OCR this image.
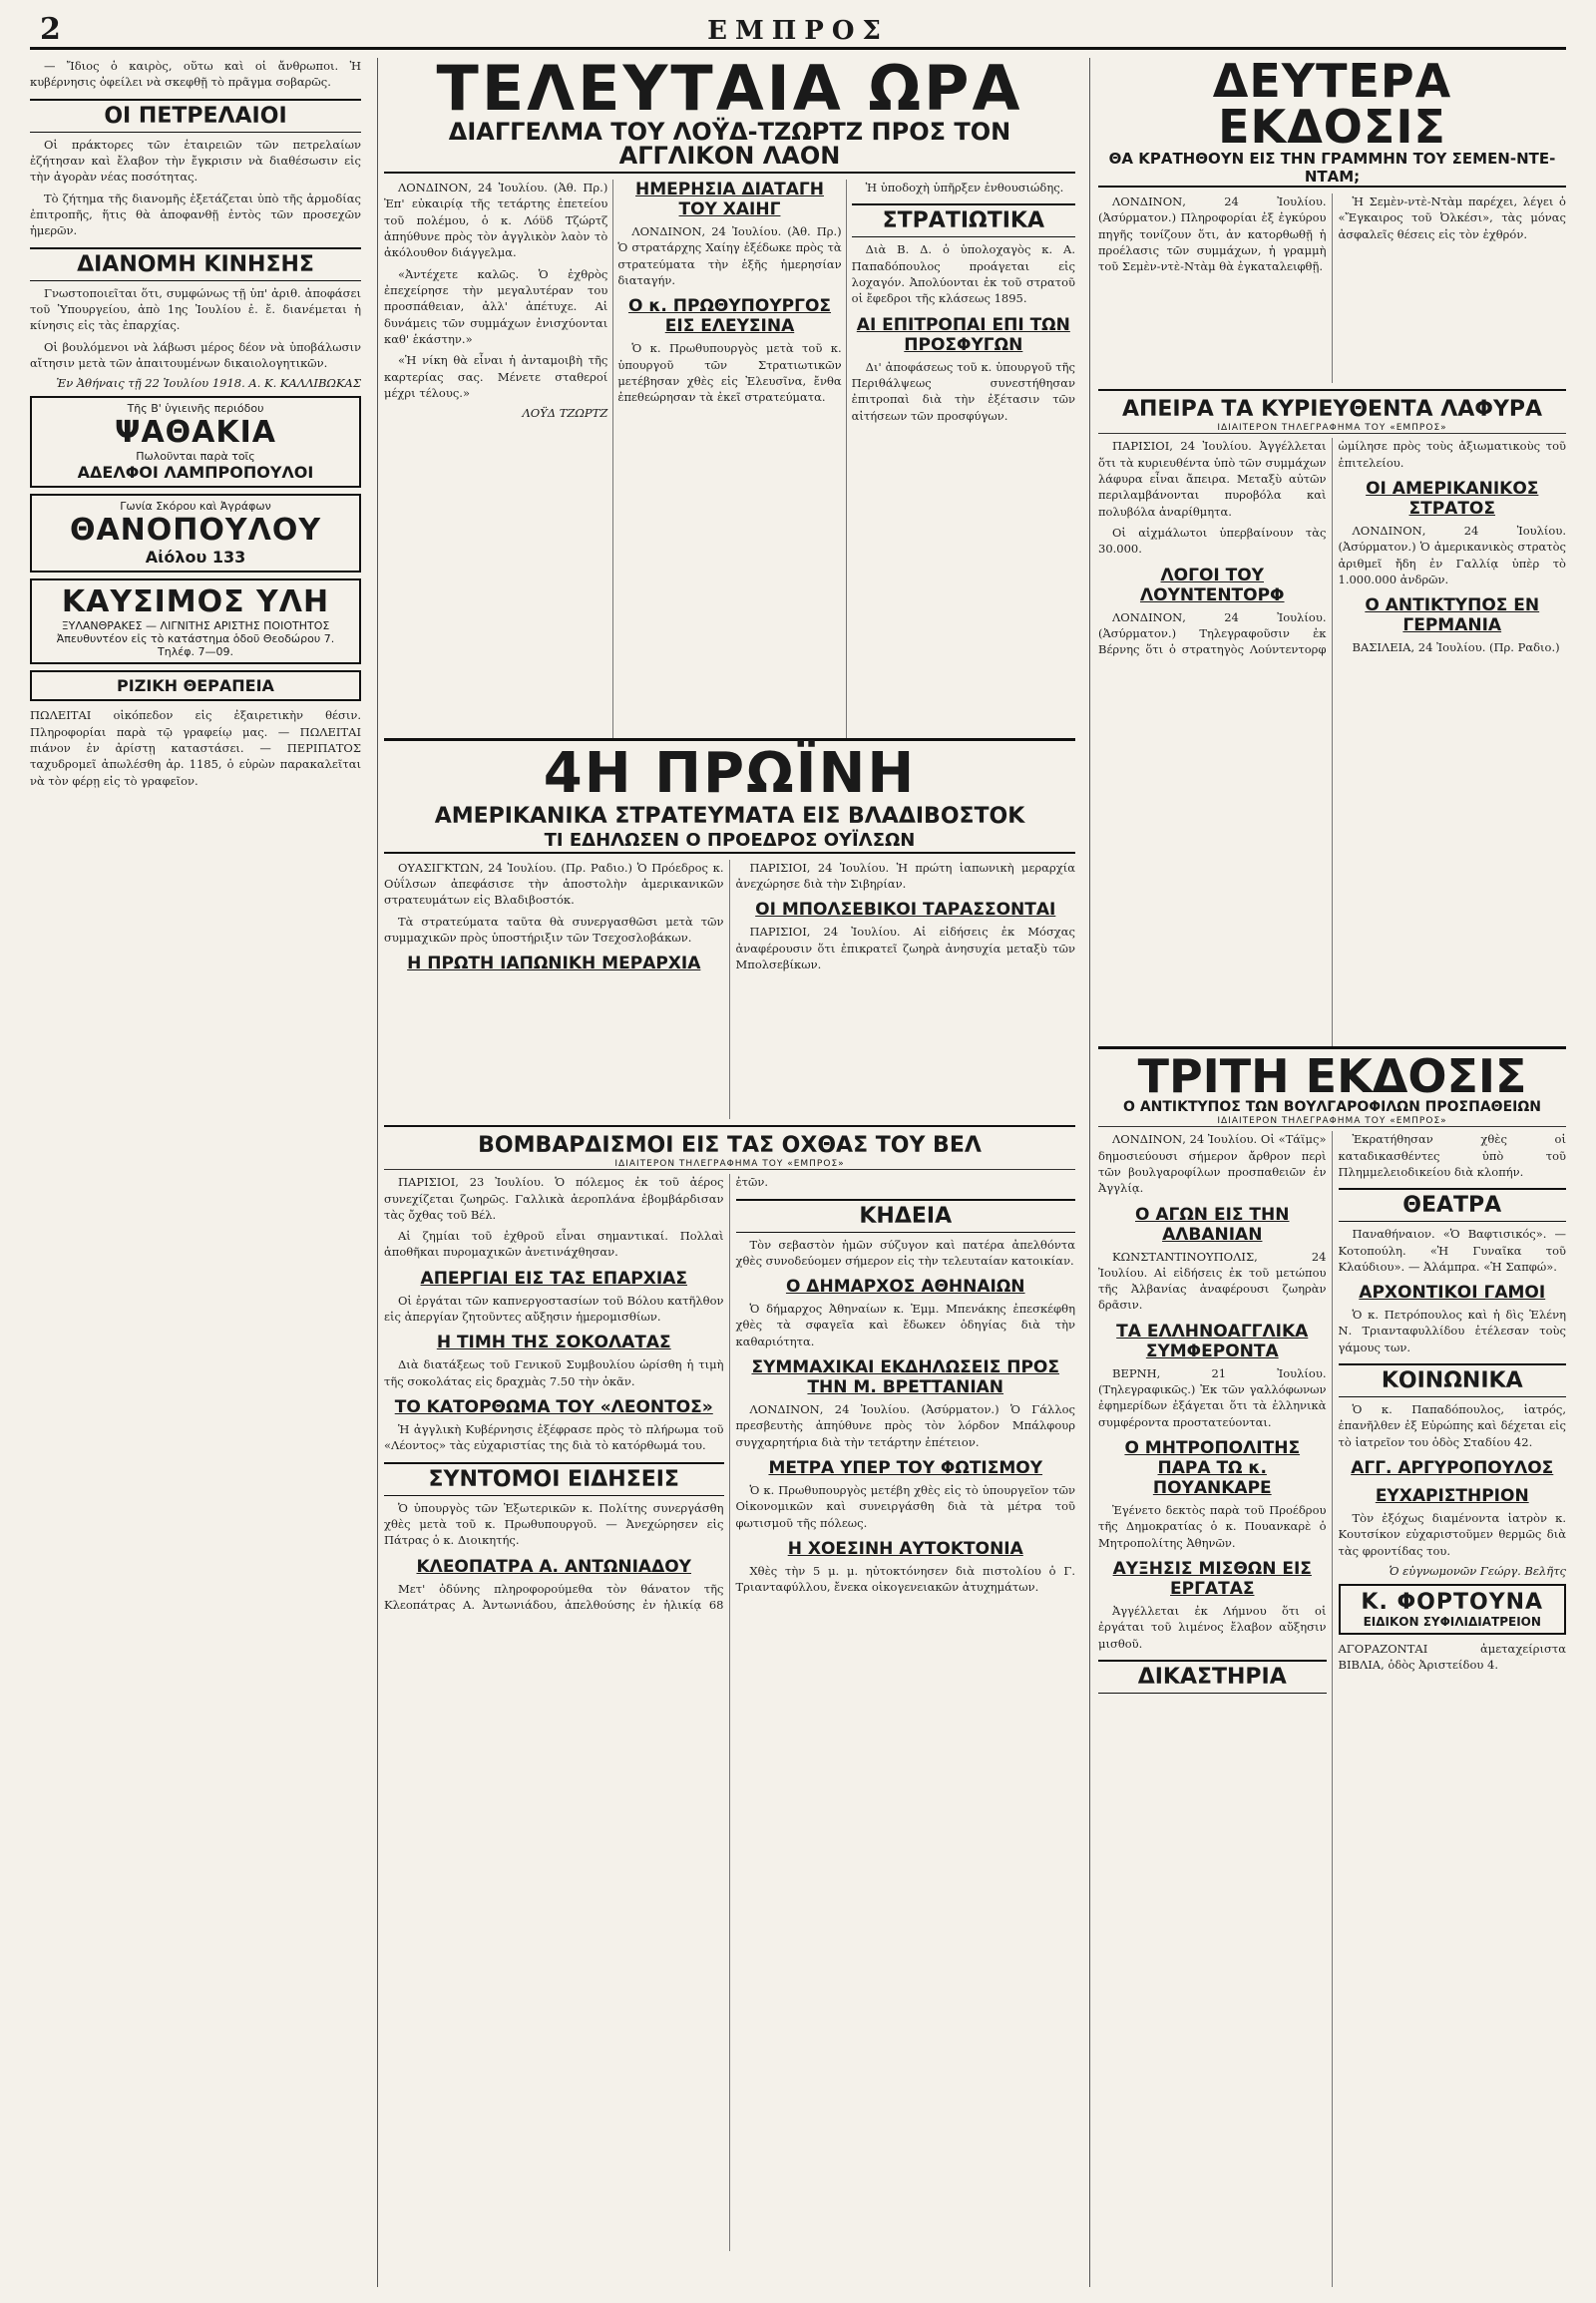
2	ΕΜΠΡΟΣ

— Ἴδιος ὁ καιρὸς, οὕτω καὶ οἱ ἄνθρωποι. Ἡ κυβέρνησις ὀφείλει νὰ σκεφθῇ τὸ πρᾶγμα σοβαρῶς.

ΟΙ ΠΕΤΡΕΛΑΙΟΙ

Οἱ πράκτορες τῶν ἑταιρειῶν τῶν πετρελαίων ἐζήτησαν καὶ ἔλαβον τὴν ἔγκρισιν νὰ διαθέσωσιν εἰς τὴν ἀγορὰν νέας ποσότητας.

Τὸ ζήτημα τῆς διανομῆς ἐξετάζεται ὑπὸ τῆς ἁρμοδίας ἐπιτροπῆς, ἥτις θὰ ἀποφανθῇ ἐντὸς τῶν προσεχῶν ἡμερῶν.

ΔΙΑΝΟΜΗ ΚΙΝΗΣΗΣ

Γνωστοποιεῖται ὅτι, συμφώνως τῇ ὑπ' ἀριθ. ἀποφάσει τοῦ Ὑπουργείου, ἀπὸ 1ης Ἰουλίου ἐ. ἔ. διανέμεται ἡ κίνησις εἰς τὰς ἐπαρχίας.

Οἱ βουλόμενοι νὰ λάβωσι μέρος δέον νὰ ὑποβάλωσιν αἴτησιν μετὰ τῶν ἀπαιτουμένων δικαιολογητικῶν.

Ἐν Ἀθήναις τῇ 22 Ἰουλίου 1918. Α. Κ. ΚΑΛΛΙΒΩΚΑΣ
Τῆς Β' ὑγιεινῆς περιόδου
ΨΑΘΑΚΙΑ
Πωλοῦνται παρὰ τοῖς
ΑΔΕΛΦΟΙ ΛΑΜΠΡΟΠΟΥΛΟΙ
Γωνία Σκόρου καὶ Ἀγράφων
ΘΑΝΟΠΟΥΛΟΥ
Αἰόλου 133
ΚΑΥΣΙΜΟΣ ΥΛΗ
ΞΥΛΑΝΘΡΑΚΕΣ — ΛΙΓΝΙΤΗΣ ΑΡΙΣΤΗΣ ΠΟΙΟΤΗΤΟΣ
Ἀπευθυντέον εἰς τὸ κατάστημα ὁδοῦ Θεοδώρου 7. Τηλέφ. 7—09.
ΡΙΖΙΚΗ ΘΕΡΑΠΕΙΑ

ΠΩΛΕΙΤΑΙ οἰκόπεδον εἰς ἐξαιρετικὴν θέσιν. Πληροφορίαι παρὰ τῷ γραφείῳ μας. — ΠΩΛΕΙΤΑΙ πιάνον ἐν ἀρίστῃ καταστάσει. — ΠΕΡΙΠΑΤΟΣ ταχυδρομεῖ ἀπωλέσθη ἀρ. 1185, ὁ εὑρὼν παρακαλεῖται νὰ τὸν φέρῃ εἰς τὸ γραφεῖον.

ΤΕΛΕΥΤΑΙΑ ΩΡΑ
ΔΙΑΓΓΕΛΜΑ ΤΟΥ ΛΟΫΔ-ΤΖΩΡΤΖ ΠΡΟΣ ΤΟΝ ΑΓΓΛΙΚΟΝ ΛΑΟΝ

ΛΟΝΔΙΝΟΝ, 24 Ἰουλίου. (Ἀθ. Πρ.) Ἐπ' εὐκαιρίᾳ τῆς τετάρτης ἐπετείου τοῦ πολέμου, ὁ κ. Λόϋδ Τζώρτζ ἀπηύθυνε πρὸς τὸν ἀγγλικὸν λαὸν τὸ ἀκόλουθον διάγγελμα.

«Ἀντέχετε καλῶς. Ὁ ἐχθρὸς ἐπεχείρησε τὴν μεγαλυτέραν του προσπάθειαν, ἀλλ' ἀπέτυχε. Αἱ δυνάμεις τῶν συμμάχων ἐνισχύονται καθ' ἑκάστην.»

«Ἡ νίκη θὰ εἶναι ἡ ἀνταμοιβὴ τῆς καρτερίας σας. Μένετε σταθεροί μέχρι τέλους.»

ΛΟΫΔ ΤΖΩΡΤΖ
ΗΜΕΡΗΣΙΑ ΔΙΑΤΑΓΗ ΤΟΥ ΧΑΙΗΓ

ΛΟΝΔΙΝΟΝ, 24 Ἰουλίου. (Ἀθ. Πρ.) Ὁ στρατάρχης Χαίηγ ἐξέδωκε πρὸς τὰ στρατεύματα τὴν ἑξῆς ἡμερησίαν διαταγήν.

Ο κ. ΠΡΩΘΥΠΟΥΡΓΟΣ ΕΙΣ ΕΛΕΥΣΙΝΑ

Ὁ κ. Πρωθυπουργὸς μετὰ τοῦ κ. ὑπουργοῦ τῶν Στρατιωτικῶν μετέβησαν χθὲς εἰς Ἐλευσῖνα, ἔνθα ἐπεθεώρησαν τὰ ἐκεῖ στρατεύματα.

Ἡ ὑποδοχὴ ὑπῆρξεν ἐνθουσιώδης.

ΣΤΡΑΤΙΩΤΙΚΑ

Διὰ Β. Δ. ὁ ὑπολοχαγὸς κ. Α. Παπαδόπουλος προάγεται εἰς λοχαγόν. Ἀπολύονται ἐκ τοῦ στρατοῦ οἱ ἔφεδροι τῆς κλάσεως 1895.

ΑΙ ΕΠΙΤΡΟΠΑΙ ΕΠΙ ΤΩΝ ΠΡΟΣΦΥΓΩΝ

Δι' ἀποφάσεως τοῦ κ. ὑπουργοῦ τῆς Περιθάλψεως συνεστήθησαν ἐπιτροπαὶ διὰ τὴν ἐξέτασιν τῶν αἰτήσεων τῶν προσφύγων.

4Η ΠΡΩΪΝΗ
ΑΜΕΡΙΚΑΝΙΚΑ ΣΤΡΑΤΕΥΜΑΤΑ ΕΙΣ ΒΛΑΔΙΒΟΣΤΟΚ
ΤΙ ΕΔΗΛΩΣΕΝ Ο ΠΡΟΕΔΡΟΣ ΟΥΪΛΣΩΝ

ΟΥΑΣΙΓΚΤΩΝ, 24 Ἰουλίου. (Πρ. Ραδιο.) Ὁ Πρόεδρος κ. Οὐΐλσων ἀπεφάσισε τὴν ἀποστολὴν ἀμερικανικῶν στρατευμάτων εἰς Βλαδιβοστόκ.

Τὰ στρατεύματα ταῦτα θὰ συνεργασθῶσι μετὰ τῶν συμμαχικῶν πρὸς ὑποστήριξιν τῶν Τσεχοσλοβάκων.

Η ΠΡΩΤΗ ΙΑΠΩΝΙΚΗ ΜΕΡΑΡΧΙΑ

ΠΑΡΙΣΙΟΙ, 24 Ἰουλίου. Ἡ πρώτη ἰαπωνικὴ μεραρχία ἀνεχώρησε διὰ τὴν Σιβηρίαν.

ΟΙ ΜΠΟΛΣΕΒΙΚΟΙ ΤΑΡΑΣΣΟΝΤΑΙ

ΠΑΡΙΣΙΟΙ, 24 Ἰουλίου. Αἱ εἰδήσεις ἐκ Μόσχας ἀναφέρουσιν ὅτι ἐπικρατεῖ ζωηρὰ ἀνησυχία μεταξὺ τῶν Μπολσεβίκων.

ΒΟΜΒΑΡΔΙΣΜΟΙ ΕΙΣ ΤΑΣ ΟΧΘΑΣ ΤΟΥ ΒΕΛ
ΙΔΙΑΙΤΕΡΟΝ ΤΗΛΕΓΡΑΦΗΜΑ ΤΟΥ «ΕΜΠΡΟΣ»

ΠΑΡΙΣΙΟΙ, 23 Ἰουλίου. Ὁ πόλεμος ἐκ τοῦ ἀέρος συνεχίζεται ζωηρῶς. Γαλλικὰ ἀεροπλάνα ἐβομβάρδισαν τὰς ὄχθας τοῦ Βέλ.

Αἱ ζημίαι τοῦ ἐχθροῦ εἶναι σημαντικαί. Πολλαὶ ἀποθῆκαι πυρομαχικῶν ἀνετινάχθησαν.

ΑΠΕΡΓΙΑΙ ΕΙΣ ΤΑΣ ΕΠΑΡΧΙΑΣ

Οἱ ἐργάται τῶν καπνεργοστασίων τοῦ Βόλου κατῆλθον εἰς ἀπεργίαν ζητοῦντες αὔξησιν ἡμερομισθίων.

Η ΤΙΜΗ ΤΗΣ ΣΟΚΟΛΑΤΑΣ

Διὰ διατάξεως τοῦ Γενικοῦ Συμβουλίου ὡρίσθη ἡ τιμὴ τῆς σοκολάτας εἰς δραχμὰς 7.50 τὴν ὀκᾶν.

ΤΟ ΚΑΤΟΡΘΩΜΑ ΤΟΥ «ΛΕΟΝΤΟΣ»

Ἡ ἀγγλικὴ Κυβέρνησις ἐξέφρασε πρὸς τὸ πλήρωμα τοῦ «Λέοντος» τὰς εὐχαριστίας της διὰ τὸ κατόρθωμά του.

ΣΥΝΤΟΜΟΙ ΕΙΔΗΣΕΙΣ

Ὁ ὑπουργὸς τῶν Ἐξωτερικῶν κ. Πολίτης συνεργάσθη χθὲς μετὰ τοῦ κ. Πρωθυπουργοῦ. — Ἀνεχώρησεν εἰς Πάτρας ὁ κ. Διοικητής.

ΚΛΕΟΠΑΤΡΑ Α. ΑΝΤΩΝΙΑΔΟΥ

Μετ' ὀδύνης πληροφορούμεθα τὸν θάνατον τῆς Κλεοπάτρας Α. Ἀντωνιάδου, ἀπελθούσης ἐν ἡλικίᾳ 68 ἐτῶν.

ΚΗΔΕΙΑ

Τὸν σεβαστὸν ἡμῶν σύζυγον καὶ πατέρα ἀπελθόντα χθὲς συνοδεύομεν σήμερον εἰς τὴν τελευταίαν κατοικίαν.

Ο ΔΗΜΑΡΧΟΣ ΑΘΗΝΑΙΩΝ

Ὁ δήμαρχος Ἀθηναίων κ. Ἐμμ. Μπενάκης ἐπεσκέφθη χθὲς τὰ σφαγεῖα καὶ ἔδωκεν ὁδηγίας διὰ τὴν καθαριότητα.

ΣΥΜΜΑΧΙΚΑΙ ΕΚΔΗΛΩΣΕΙΣ ΠΡΟΣ ΤΗΝ Μ. ΒΡΕΤΤΑΝΙΑΝ

ΛΟΝΔΙΝΟΝ, 24 Ἰουλίου. (Ἀσύρματον.) Ὁ Γάλλος πρεσβευτὴς ἀπηύθυνε πρὸς τὸν λόρδον Μπάλφουρ συγχαρητήρια διὰ τὴν τετάρτην ἐπέτειον.

ΜΕΤΡΑ ΥΠΕΡ ΤΟΥ ΦΩΤΙΣΜΟΥ

Ὁ κ. Πρωθυπουργὸς μετέβη χθὲς εἰς τὸ ὑπουργεῖον τῶν Οἰκονομικῶν καὶ συνειργάσθη διὰ τὰ μέτρα τοῦ φωτισμοῦ τῆς πόλεως.

Η ΧΟΕΣΙΝΗ ΑΥΤΟΚΤΟΝΙΑ

Χθὲς τὴν 5 μ. μ. ηὐτοκτόνησεν διὰ πιστολίου ὁ Γ. Τριανταφύλλου, ἔνεκα οἰκογενειακῶν ἀτυχημάτων.

ΔΕΥΤΕΡΑ ΕΚΔΟΣΙΣ
ΘΑ ΚΡΑΤΗΘΟΥΝ ΕΙΣ ΤΗΝ ΓΡΑΜΜΗΝ ΤΟΥ ΣΕΜΕΝ-ΝΤΕ-ΝΤΑΜ;

ΛΟΝΔΙΝΟΝ, 24 Ἰουλίου. (Ἀσύρματον.) Πληροφορίαι ἐξ ἐγκύρου πηγῆς τονίζουν ὅτι, ἀν κατορθωθῇ ἡ προέλασις τῶν συμμάχων, ἡ γραμμὴ τοῦ Σεμὲν-ντὲ-Ντὰμ θὰ ἐγκαταλειφθῇ.

Ἡ Σεμὲν-ντὲ-Ντὰμ παρέχει, λέγει ὁ «Ἔγκαιρος τοῦ Ὀλκέσι», τὰς μόνας ἀσφαλεῖς θέσεις εἰς τὸν ἐχθρόν.

ΑΠΕΙΡΑ ΤΑ ΚΥΡΙΕΥΘΕΝΤΑ ΛΑΦΥΡΑ
ΙΔΙΑΙΤΕΡΟΝ ΤΗΛΕΓΡΑΦΗΜΑ ΤΟΥ «ΕΜΠΡΟΣ»

ΠΑΡΙΣΙΟΙ, 24 Ἰουλίου. Ἀγγέλλεται ὅτι τὰ κυριευθέντα ὑπὸ τῶν συμμάχων λάφυρα εἶναι ἄπειρα. Μεταξὺ αὐτῶν περιλαμβάνονται πυροβόλα καὶ πολυβόλα ἀναρίθμητα.

Οἱ αἰχμάλωτοι ὑπερβαίνουν τὰς 30.000.

ΛΟΓΟΙ ΤΟΥ ΛΟΥΝΤΕΝΤΟΡΦ

ΛΟΝΔΙΝΟΝ, 24 Ἰουλίου. (Ἀσύρματον.) Τηλεγραφοῦσιν ἐκ Βέρνης ὅτι ὁ στρατηγὸς Λούντεντορφ ὡμίλησε πρὸς τοὺς ἀξιωματικοὺς τοῦ ἐπιτελείου.

ΟΙ ΑΜΕΡΙΚΑΝΙΚΟΣ ΣΤΡΑΤΟΣ

ΛΟΝΔΙΝΟΝ, 24 Ἰουλίου. (Ἀσύρματον.) Ὁ ἀμερικανικὸς στρατὸς ἀριθμεῖ ἤδη ἐν Γαλλίᾳ ὑπὲρ τὸ 1.000.000 ἀνδρῶν.

Ο ΑΝΤΙΚΤΥΠΟΣ ΕΝ ΓΕΡΜΑΝΙΑ

ΒΑΣΙΛΕΙΑ, 24 Ἰουλίου. (Πρ. Ραδιο.)

ΤΡΙΤΗ ΕΚΔΟΣΙΣ
Ο ΑΝΤΙΚΤΥΠΟΣ ΤΩΝ ΒΟΥΛΓΑΡΟΦΙΛΩΝ ΠΡΟΣΠΑΘΕΙΩΝ
ΙΔΙΑΙΤΕΡΟΝ ΤΗΛΕΓΡΑΦΗΜΑ ΤΟΥ «ΕΜΠΡΟΣ»

ΛΟΝΔΙΝΟΝ, 24 Ἰουλίου. Οἱ «Τάϊμς» δημοσιεύουσι σήμερον ἄρθρον περὶ τῶν βουλγαροφίλων προσπαθειῶν ἐν Ἀγγλίᾳ.

Ο ΑΓΩΝ ΕΙΣ ΤΗΝ ΑΛΒΑΝΙΑΝ

ΚΩΝΣΤΑΝΤΙΝΟΥΠΟΛΙΣ, 24 Ἰουλίου. Αἱ εἰδήσεις ἐκ τοῦ μετώπου τῆς Ἀλβανίας ἀναφέρουσι ζωηρὰν δρᾶσιν.

ΤΑ ΕΛΛΗΝΟΑΓΓΛΙΚΑ ΣΥΜΦΕΡΟΝΤΑ

ΒΕΡΝΗ, 21 Ἰουλίου. (Τηλεγραφικῶς.) Ἐκ τῶν γαλλόφωνων ἐφημερίδων ἐξάγεται ὅτι τὰ ἑλληνικὰ συμφέροντα προστατεύονται.

Ο ΜΗΤΡΟΠΟΛΙΤΗΣ ΠΑΡΑ ΤΩ κ. ΠΟΥΑΝΚΑΡΕ

Ἐγένετο δεκτὸς παρὰ τοῦ Προέδρου τῆς Δημοκρατίας ὁ κ. Πουανκαρὲ ὁ Μητροπολίτης Ἀθηνῶν.

ΑΥΞΗΣΙΣ ΜΙΣΘΩΝ ΕΙΣ ΕΡΓΑΤΑΣ

Ἀγγέλλεται ἐκ Λήμνου ὅτι οἱ ἐργάται τοῦ λιμένος ἔλαβον αὔξησιν μισθοῦ.

ΔΙΚΑΣΤΗΡΙΑ

Ἐκρατήθησαν χθὲς οἱ καταδικασθέντες ὑπὸ τοῦ Πλημμελειοδικείου διὰ κλοπήν.

ΘΕΑΤΡΑ

Παναθήναιον. «Ὁ Βαφτισικός». — Κοτοπούλη. «Ἡ Γυναῖκα τοῦ Κλαύδιου». — Ἀλάμπρα. «Ἡ Σαπφώ».

ΑΡΧΟΝΤΙΚΟΙ ΓΑΜΟΙ

Ὁ κ. Πετρόπουλος καὶ ἡ δὶς Ἑλένη Ν. Τριανταφυλλίδου ἐτέλεσαν τοὺς γάμους των.

ΚΟΙΝΩΝΙΚΑ

Ὁ κ. Παπαδόπουλος, ἰατρός, ἐπανῆλθεν ἐξ Εὐρώπης καὶ δέχεται εἰς τὸ ἰατρεῖον του ὁδὸς Σταδίου 42.

ΑΓΓ. ΑΡΓΥΡΟΠΟΥΛΟΣ
ΕΥΧΑΡΙΣΤΗΡΙΟΝ

Τὸν ἐξόχως διαμένοντα ἰατρὸν κ. Κουτσίκον εὐχαριστοῦμεν θερμῶς διὰ τὰς φροντίδας του.

Ὁ εὐγνωμονῶν Γεώργ. Βελῆτς
Κ. ΦΟΡΤΟΥΝΑ
ΕΙΔΙΚΟΝ ΣΥΦΙΛΙΔΙΑΤΡΕΙΟΝ

ΑΓΟΡΑΖΟΝΤΑΙ ἀμεταχείριστα ΒΙΒΛΙΑ, ὁδὸς Ἀριστείδου 4.
